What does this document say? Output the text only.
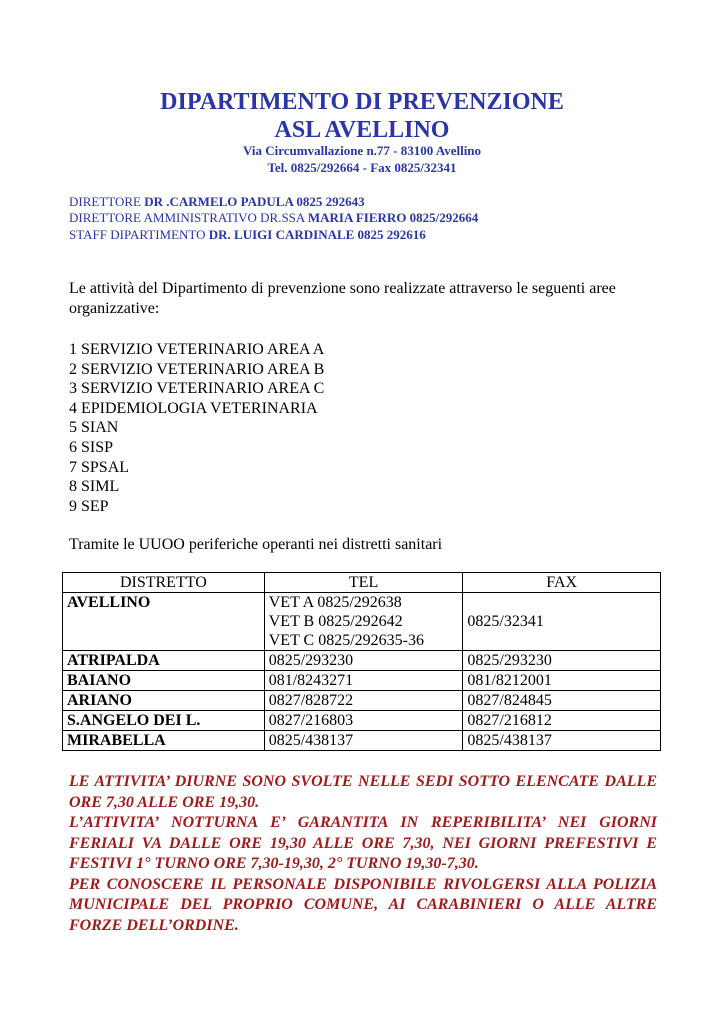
DIPARTIMENTO DI PREVENZIONE
ASL AVELLINO
Via Circumvallazione n.77 - 83100 Avellino
Tel. 0825/292664 - Fax 0825/32341
DIRETTORE DR .CARMELO PADULA 0825 292643
DIRETTORE AMMINISTRATIVO DR.SSA MARIA FIERRO 0825/292664
STAFF DIPARTIMENTO DR. LUIGI CARDINALE 0825 292616

Le attività del Dipartimento di prevenzione sono realizzate attraverso le seguenti aree organizzative:

1 SERVIZIO VETERINARIO AREA A
2 SERVIZIO VETERINARIO AREA B
3 SERVIZIO VETERINARIO AREA C
4 EPIDEMIOLOGIA VETERINARIA
5 SIAN
6 SISP
7 SPSAL
8 SIML
9 SEP

Tramite le UUOO periferiche operanti nei distretti sanitari

DISTRETTO	TEL	FAX
AVELLINO	VET A 0825/292638
VET B 0825/292642
VET C 0825/292635-36	0825/32341
ATRIPALDA	0825/293230	0825/293230
BAIANO	081/8243271	081/8212001
ARIANO	0827/828722	0827/824845
S.ANGELO DEI L.	0827/216803	0827/216812
MIRABELLA	0825/438137	0825/438137
LE ATTIVITA’ DIURNE SONO SVOLTE NELLE SEDI SOTTO ELENCATE DALLE ORE 7,30 ALLE ORE 19,30.
L’ATTIVITA’ NOTTURNA E’ GARANTITA IN REPERIBILITA’ NEI GIORNI FERIALI VA DALLE ORE 19,30 ALLE ORE 7,30, NEI GIORNI PREFESTIVI E FESTIVI 1° TURNO ORE 7,30-19,30, 2° TURNO 19,30-7,30.
PER CONOSCERE IL PERSONALE DISPONIBILE RIVOLGERSI ALLA POLIZIA MUNICIPALE DEL PROPRIO COMUNE, AI CARABINIERI O ALLE ALTRE FORZE DELL’ORDINE.
